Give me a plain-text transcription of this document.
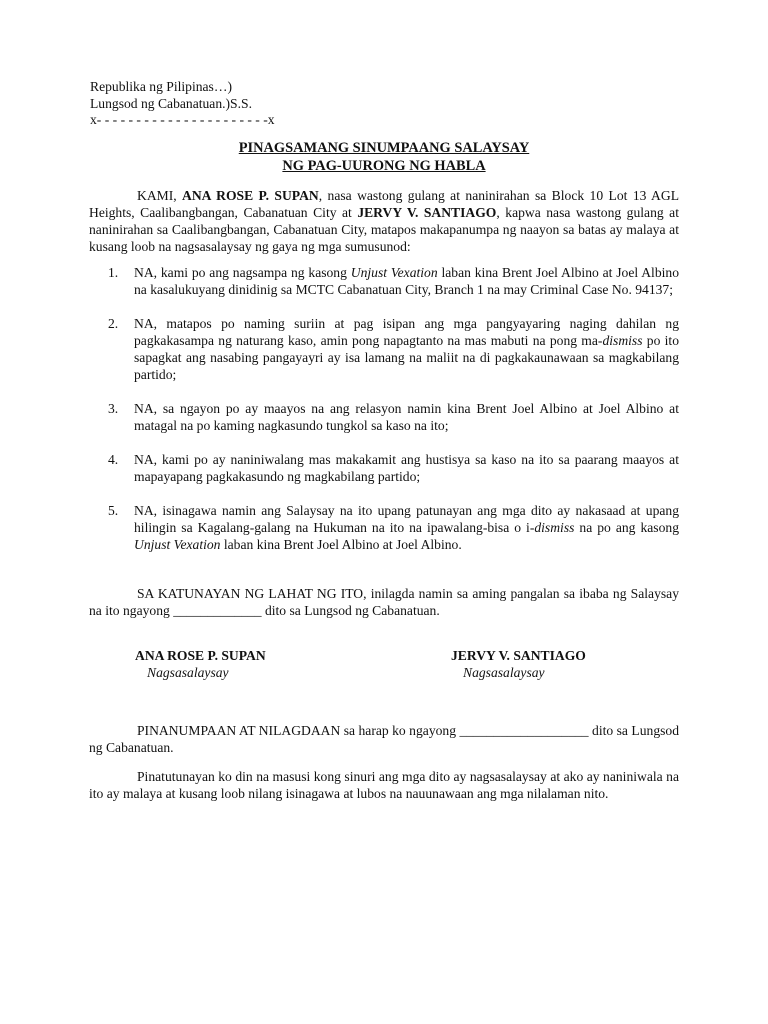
Republika ng Pilipinas…)
Lungsod ng Cabanatuan.)S.S.
x- - - - - - - - - - - - - - - - - - - - - -x
PINAGSAMANG SINUMPAANG SALAYSAY
NG PAG-UURONG NG HABLA
KAMI, ANA ROSE P. SUPAN, nasa wastong gulang at naninirahan sa Block 10 Lot 13 AGL Heights, Caalibangbangan, Cabanatuan City at JERVY V. SANTIAGO, kapwa nasa wastong gulang at naninirahan sa Caalibangbangan, Cabanatuan City, matapos makapanumpa ng naayon sa batas ay malaya at kusang loob na nagsasalaysay ng gaya ng mga sumusunod:
1. NA, kami po ang nagsampa ng kasong Unjust Vexation laban kina Brent Joel Albino at Joel Albino na kasalukuyang dinidinig sa MCTC Cabanatuan City, Branch 1 na may Criminal Case No. 94137;
2. NA, matapos po naming suriin at pag isipan ang mga pangyayaring naging dahilan ng pagkakasampa ng naturang kaso, amin pong napagtanto na mas mabuti na pong ma-dismiss po ito sapagkat ang nasabing pangayayri ay isa lamang na maliit na di pagkakaunawaan sa magkabilang partido;
3. NA, sa ngayon po ay maayos na ang relasyon namin kina Brent Joel Albino at Joel Albino at matagal na po kaming nagkasundo tungkol sa kaso na ito;
4. NA, kami po ay naniniwalang mas makakamit ang hustisya sa kaso na ito sa paarang maayos at mapayapang pagkakasundo ng magkabilang partido;
5. NA, isinagawa namin ang Salaysay na ito upang patunayan ang mga dito ay nakasaad at upang hilingin sa Kagalang-galang na Hukuman na ito na ipawalang-bisa o i-dismiss na po ang kasong Unjust Vexation laban kina Brent Joel Albino at Joel Albino.
SA KATUNAYAN NG LAHAT NG ITO, inilagda namin sa aming pangalan sa ibaba ng Salaysay na ito ngayong _____________ dito sa Lungsod ng Cabanatuan.
ANA ROSE P. SUPAN
Nagsasalaysay
JERVY V. SANTIAGO
Nagsasalaysay
PINANUMPAAN AT NILAGDAAN sa harap ko ngayong ___________________ dito sa Lungsod ng Cabanatuan.
Pinatutunayan ko din na masusi kong sinuri ang mga dito ay nagsasalaysay at ako ay naniniwala na ito ay malaya at kusang loob nilang isinagawa at lubos na nauunawaan ang mga nilalaman nito.
